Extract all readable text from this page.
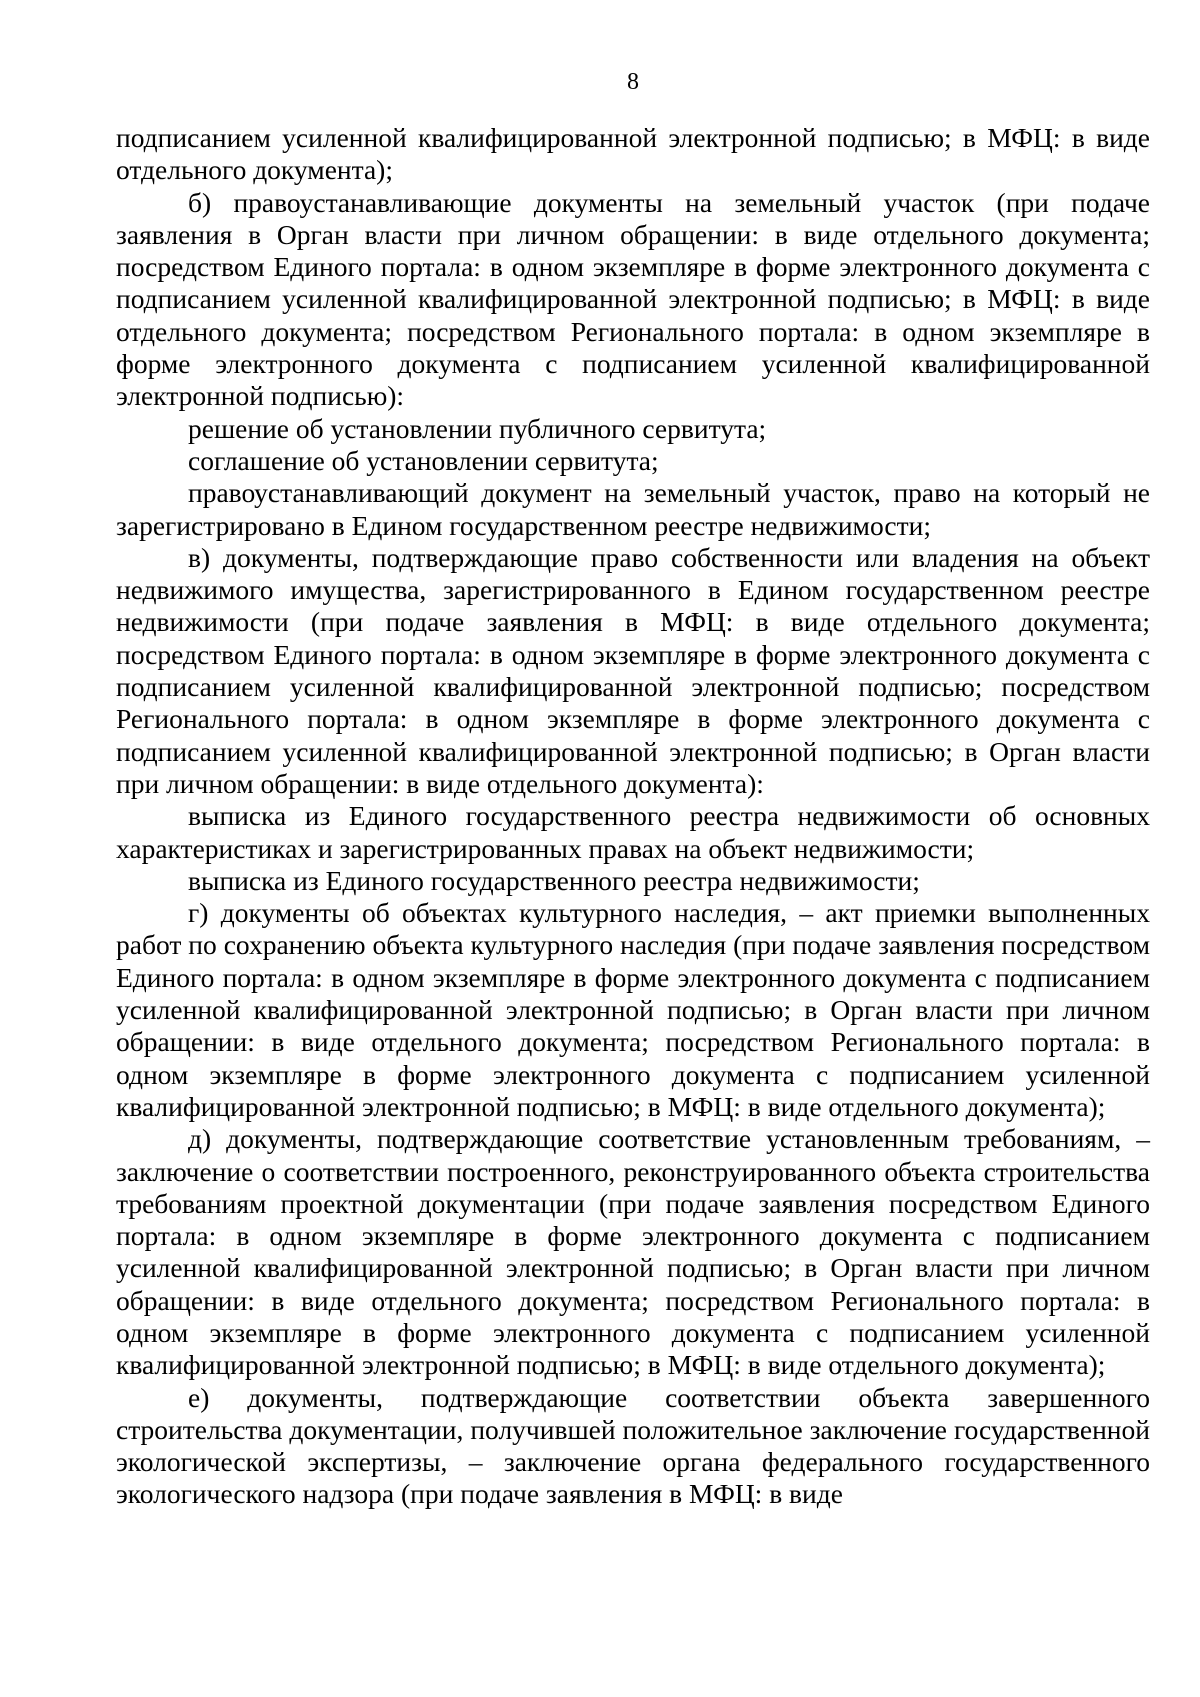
8

подписанием усиленной квалифицированной электронной подписью; в МФЦ: в виде отдельного документа);

б) правоустанавливающие документы на земельный участок (при подаче заявления в Орган власти при личном обращении: в виде отдельного документа; посредством Единого портала: в одном экземпляре в форме электронного документа с подписанием усиленной квалифицированной электронной подписью; в МФЦ: в виде отдельного документа; посредством Регионального портала: в одном экземпляре в форме электронного документа с подписанием усиленной квалифицированной электронной подписью):

решение об установлении публичного сервитута;

соглашение об установлении сервитута;

правоустанавливающий документ на земельный участок, право на который не зарегистрировано в Едином государственном реестре недвижимости;

в) документы, подтверждающие право собственности или владения на объект недвижимого имущества, зарегистрированного в Едином государственном реестре недвижимости (при подаче заявления в МФЦ: в виде отдельного документа; посредством Единого портала: в одном экземпляре в форме электронного документа с подписанием усиленной квалифицированной электронной подписью; посредством Регионального портала: в одном экземпляре в форме электронного документа с подписанием усиленной квалифицированной электронной подписью; в Орган власти при личном обращении: в виде отдельного документа):

выписка из Единого государственного реестра недвижимости об основных характеристиках и зарегистрированных правах на объект недвижимости;

выписка из Единого государственного реестра недвижимости;

г) документы об объектах культурного наследия, – акт приемки выполненных работ по сохранению объекта культурного наследия (при подаче заявления посредством Единого портала: в одном экземпляре в форме электронного документа с подписанием усиленной квалифицированной электронной подписью; в Орган власти при личном обращении: в виде отдельного документа; посредством Регионального портала: в одном экземпляре в форме электронного документа с подписанием усиленной квалифицированной электронной подписью; в МФЦ: в виде отдельного документа);

д) документы, подтверждающие соответствие установленным требованиям, – заключение о соответствии построенного, реконструированного объекта строительства требованиям проектной документации (при подаче заявления посредством Единого портала: в одном экземпляре в форме электронного документа с подписанием усиленной квалифицированной электронной подписью; в Орган власти при личном обращении: в виде отдельного документа; посредством Регионального портала: в одном экземпляре в форме электронного документа с подписанием усиленной квалифицированной электронной подписью; в МФЦ: в виде отдельного документа);

е) документы, подтверждающие соответствии объекта завершенного строительства документации, получившей положительное заключение государственной экологической экспертизы, – заключение органа федерального государственного экологического надзора (при подаче заявления в МФЦ: в виде
